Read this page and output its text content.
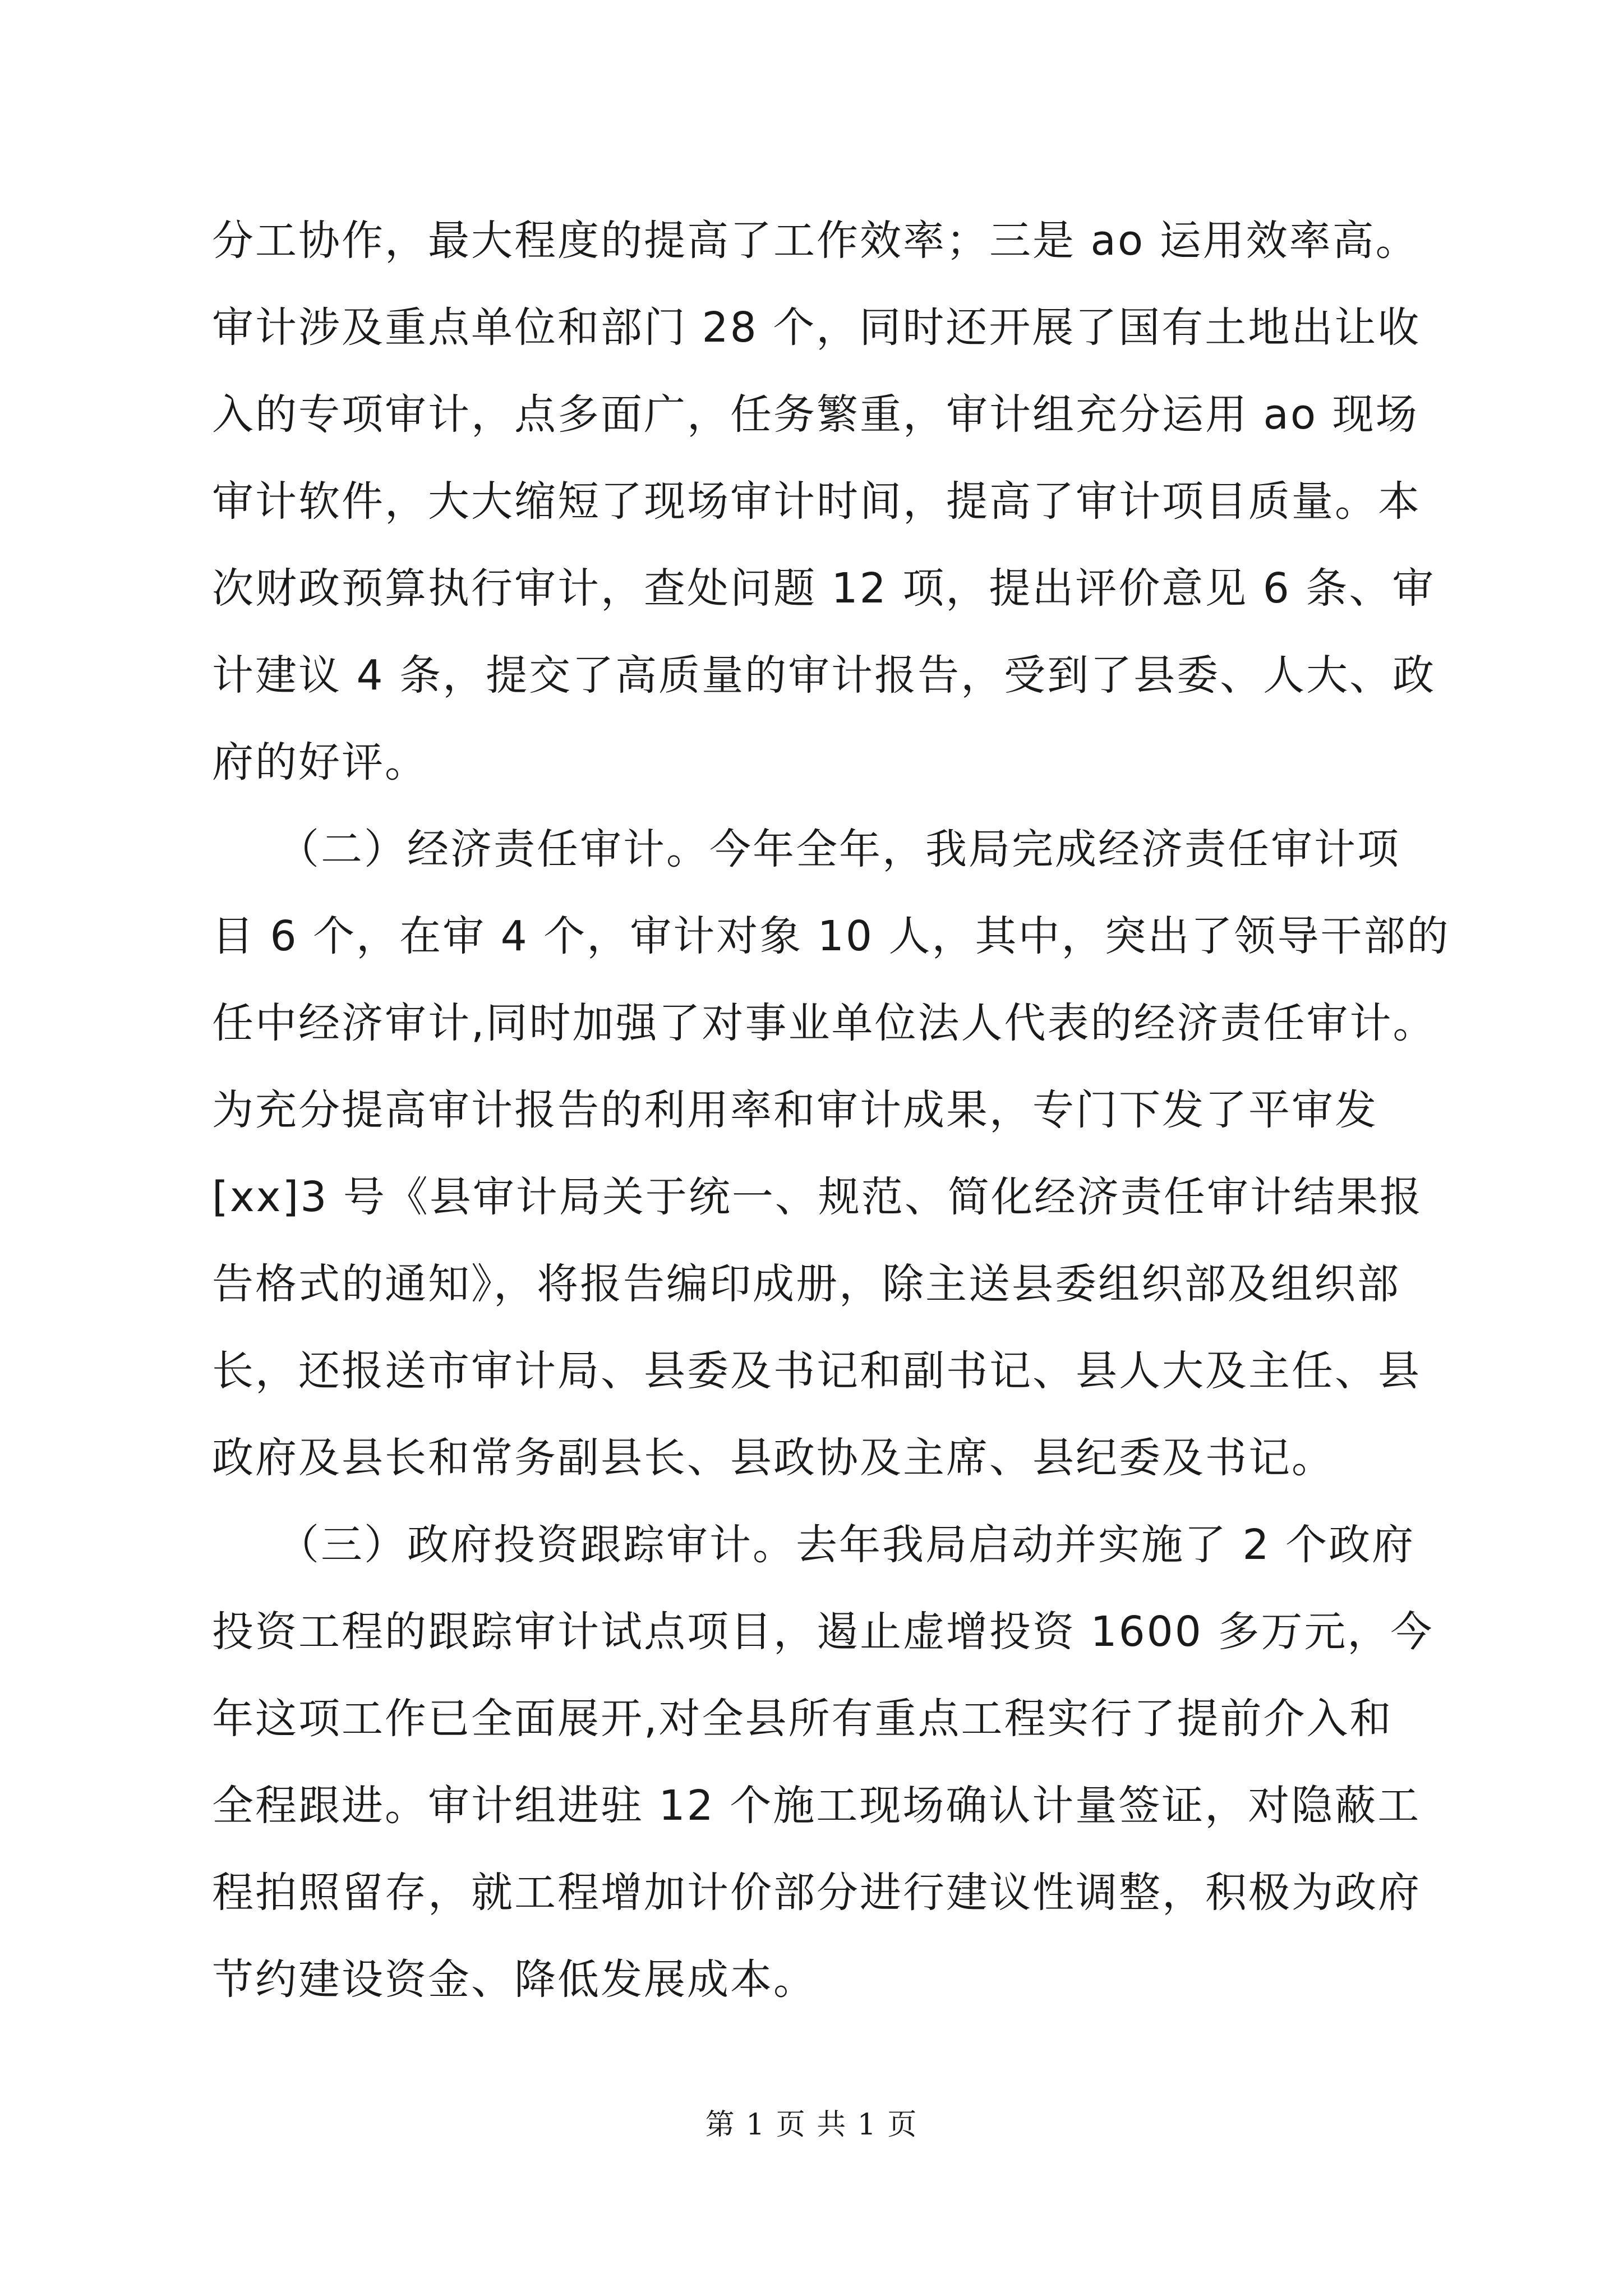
分工协作，最大程度的提高了工作效率；三是 ao 运用效率高。
审计涉及重点单位和部门 28 个，同时还开展了国有土地出让收
入的专项审计，点多面广，任务繁重，审计组充分运用 ao 现场
审计软件，大大缩短了现场审计时间，提高了审计项目质量。本
次财政预算执行审计，查处问题 12 项，提出评价意见 6 条、审
计建议 4 条，提交了高质量的审计报告，受到了县委、人大、政
府的好评。
　　（二）经济责任审计。今年全年，我局完成经济责任审计项
目 6 个，在审 4 个，审计对象 10 人，其中，突出了领导干部的
任中经济审计,同时加强了对事业单位法人代表的经济责任审计。
为充分提高审计报告的利用率和审计成果，专门下发了平审发
[xx]3 号《县审计局关于统一、规范、简化经济责任审计结果报
告格式的通知》，将报告编印成册，除主送县委组织部及组织部
长，还报送市审计局、县委及书记和副书记、县人大及主任、县
政府及县长和常务副县长、县政协及主席、县纪委及书记。
　　（三）政府投资跟踪审计。去年我局启动并实施了 2 个政府
投资工程的跟踪审计试点项目，遏止虚增投资 1600 多万元，今
年这项工作已全面展开,对全县所有重点工程实行了提前介入和
全程跟进。审计组进驻 12 个施工现场确认计量签证，对隐蔽工
程拍照留存，就工程增加计价部分进行建议性调整，积极为政府
节约建设资金、降低发展成本。
第 1 页 共 1 页
